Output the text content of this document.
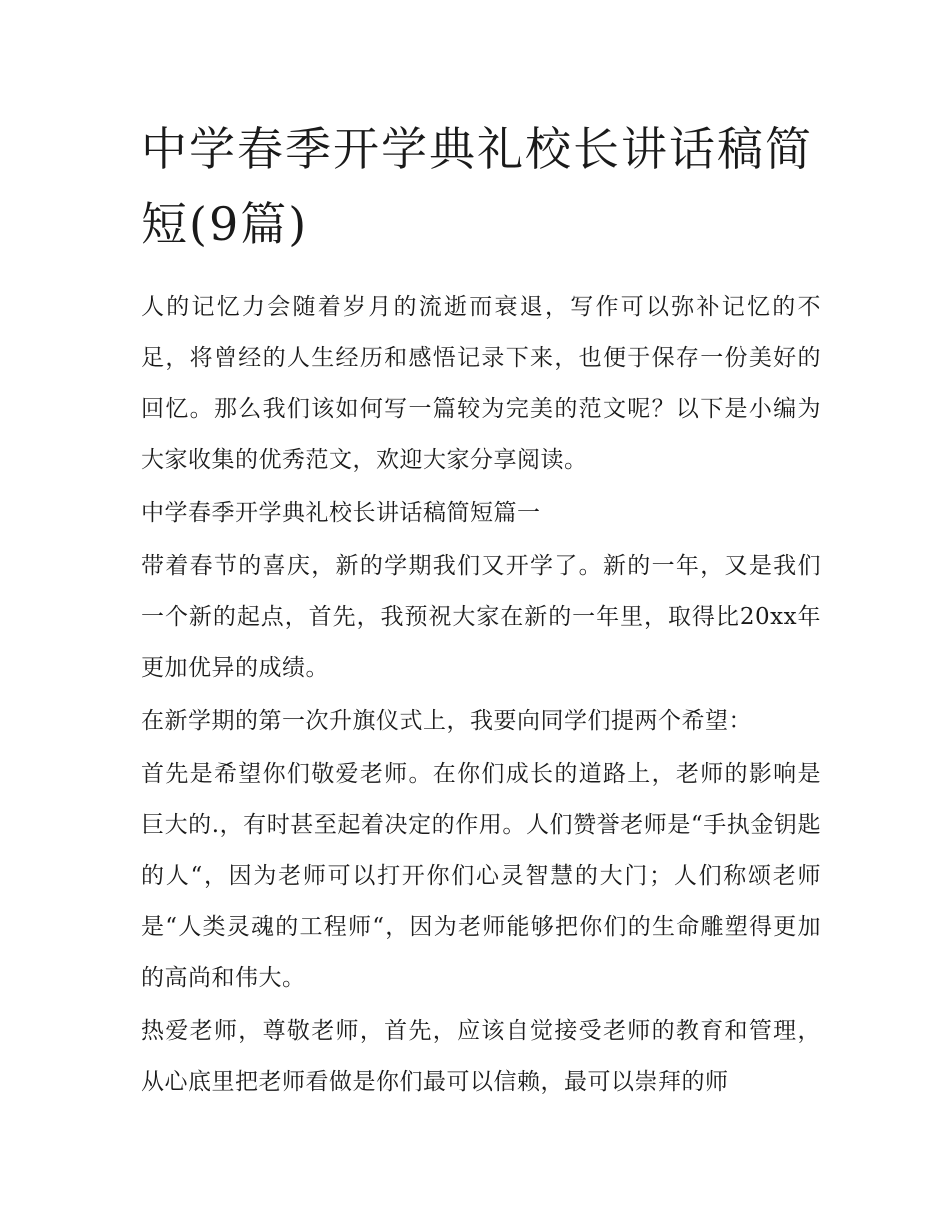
中学春季开学典礼校长讲话稿简短(9篇)

人的记忆力会随着岁月的流逝而衰退，写作可以弥补记忆的不足，将曾经的人生经历和感悟记录下来，也便于保存一份美好的回忆。那么我们该如何写一篇较为完美的范文呢？以下是小编为大家收集的优秀范文，欢迎大家分享阅读。

中学春季开学典礼校长讲话稿简短篇一

带着春节的喜庆，新的学期我们又开学了。新的一年，又是我们一个新的起点，首先，我预祝大家在新的一年里，取得比20xx年更加优异的成绩。

在新学期的第一次升旗仪式上，我要向同学们提两个希望：

首先是希望你们敬爱老师。在你们成长的道路上，老师的影响是巨大的.，有时甚至起着决定的作用。人们赞誉老师是“手执金钥匙的人“，因为老师可以打开你们心灵智慧的大门；人们称颂老师是“人类灵魂的工程师“，因为老师能够把你们的生命雕塑得更加的高尚和伟大。

热爱老师，尊敬老师，首先，应该自觉接受老师的教育和管理，从心底里把老师看做是你们最可以信赖，最可以崇拜的师
